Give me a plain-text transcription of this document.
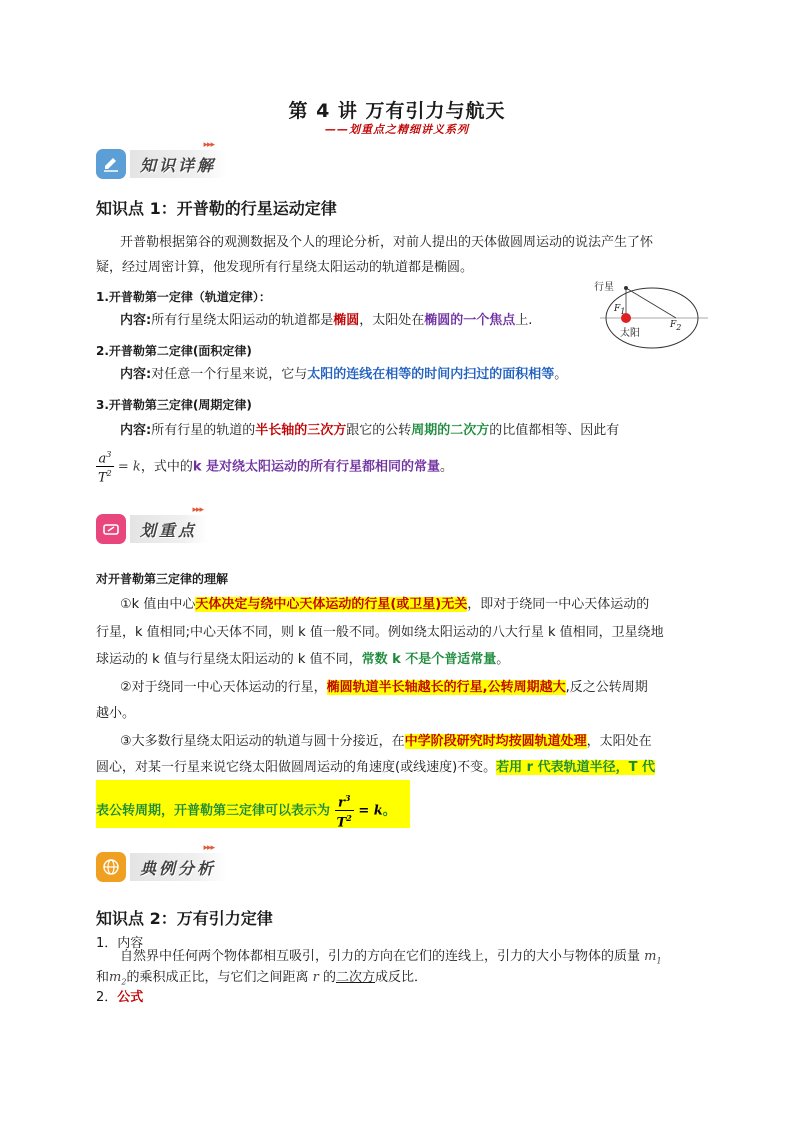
第 4 讲 万有引力与航天
——划重点之精细讲义系列
知识详解
▸▸▸
知识点 1：开普勒的行星运动定律
开普勒根据第谷的观测数据及个人的理论分析，对前人提出的天体做圆周运动的说法产生了怀
疑，经过周密计算，他发现所有行星绕太阳运动的轨道都是椭圆。
1.开普勒第一定律（轨道定律）：
内容:所有行星绕太阳运动的轨道都是椭圆，太阳处在椭圆的一个焦点上.
2.开普勒第二定律(面积定律)
内容:对任意一个行星来说，它与太阳的连线在相等的时间内扫过的面积相等。
3.开普勒第三定律(周期定律)
内容:所有行星的轨道的半长轴的三次方跟它的公转周期的二次方的比值都相等、因此有
$\frac{a^3}{T^2} = k$，式中的k 是对绕太阳运动的所有行星都相同的常量。
行星
$F_1$
太阳
$F_2$
划重点
▸▸▸
对开普勒第三定律的理解
①k 值由中心天体决定与绕中心天体运动的行星(或卫星)无关，即对于绕同一中心天体运动的
行星，k 值相同;中心天体不同，则 k 值一般不同。例如绕太阳运动的八大行星 k 值相同，卫星绕地
球运动的 k 值与行星绕太阳运动的 k 值不同，常数 k 不是个普适常量。
②对于绕同一中心天体运动的行星，椭圆轨道半长轴越长的行星,公转周期越大,反之公转周期
越小。
③大多数行星绕太阳运动的轨道与圆十分接近，在中学阶段研究时均按圆轨道处理，太阳处在
圆心，对某一行星来说它绕太阳做圆周运动的角速度(或线速度)不变。若用 r 代表轨道半径，T 代
表公转周期，开普勒第三定律可以表示为 $\frac{r^3}{T^2} = k$。
典例分析
▸▸▸
知识点 2：万有引力定律
1．内容
自然界中任何两个物体都相互吸引，引力的方向在它们的连线上，引力的大小与物体的质量 $m_1$
和$m_2$的乘积成正比，与它们之间距离 r 的二次方成反比．
2．公式
